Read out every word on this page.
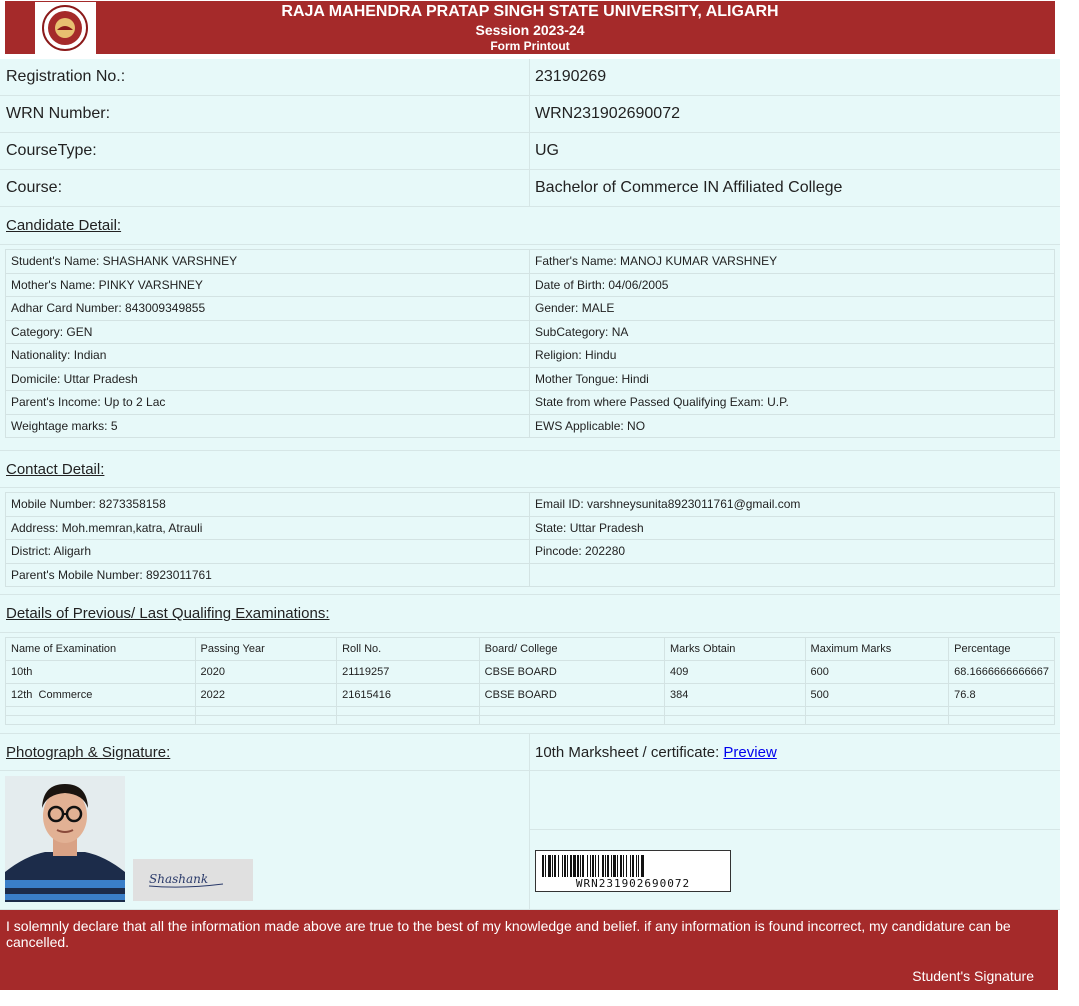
RAJA MAHENDRA PRATAP SINGH STATE UNIVERSITY, ALIGARH
Session 2023-24
Form Printout
Registration No.:	23190269
WRN Number:	WRN231902690072
CourseType:	UG
Course:	Bachelor of Commerce IN Affiliated College
Candidate Detail:
Student's Name: SHASHANK VARSHNEY	Father's Name: MANOJ KUMAR VARSHNEY
Mother's Name: PINKY VARSHNEY	Date of Birth: 04/06/2005
Adhar Card Number: 843009349855	Gender: MALE
Category: GEN	SubCategory: NA
Nationality: Indian	Religion: Hindu
Domicile: Uttar Pradesh	Mother Tongue: Hindi
Parent's Income: Up to 2 Lac	State from where Passed Qualifying Exam: U.P.
Weightage marks: 5	EWS Applicable: NO
Contact Detail:
Mobile Number: 8273358158	Email ID: varshneysunita8923011761@gmail.com
Address: Moh.memran,katra, Atrauli	State: Uttar Pradesh
District: Aligarh	Pincode: 202280
Parent's Mobile Number: 8923011761	
Details of Previous/ Last Qualifing Examinations:
Name of Examination	Passing Year	Roll No.	Board/ College	Marks Obtain	Maximum Marks	Percentage
10th	2020	21119257	CBSE BOARD	409	600	68.1666666666667
12th  Commerce	2022	21615416	CBSE BOARD	384	500	76.8

Photograph & Signature:	10th Marksheet / certificate: Preview
Shashank	WRN231902690072
I solemnly declare that all the information made above are true to the best of my knowledge and belief. if any information is found incorrect, my candidature can be cancelled.
Student's Signature
